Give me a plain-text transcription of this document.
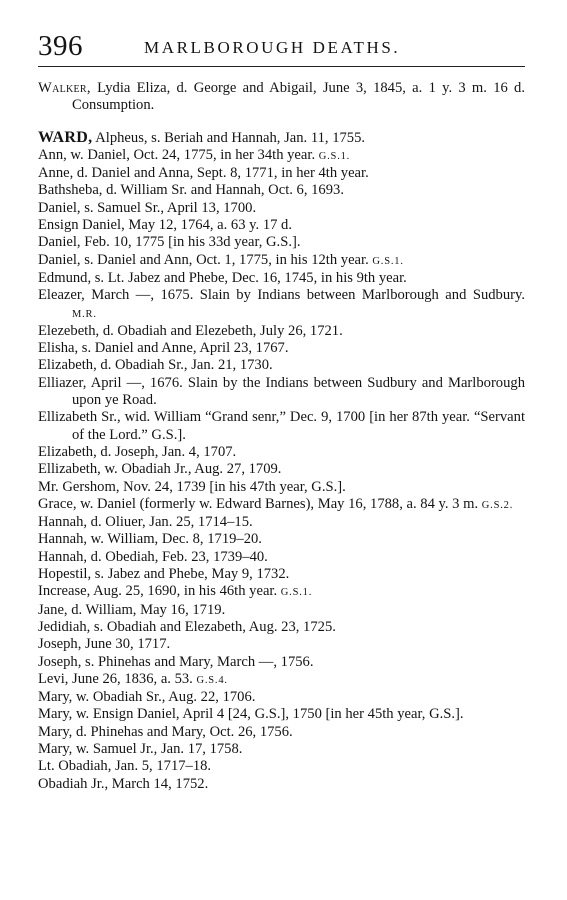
396	MARLBOROUGH DEATHS.
Walker, Lydia Eliza, d. George and Abigail, June 3, 1845, a. 1 y. 3 m. 16 d. Consumption.
WARD, Alpheus, s. Beriah and Hannah, Jan. 11, 1755.
Ann, w. Daniel, Oct. 24, 1775, in her 34th year. G.S.1.
Anne, d. Daniel and Anna, Sept. 8, 1771, in her 4th year.
Bathsheba, d. William Sr. and Hannah, Oct. 6, 1693.
Daniel, s. Samuel Sr., April 13, 1700.
Ensign Daniel, May 12, 1764, a. 63 y. 17 d.
Daniel, Feb. 10, 1775 [in his 33d year, G.S.].
Daniel, s. Daniel and Ann, Oct. 1, 1775, in his 12th year. G.S.1.
Edmund, s. Lt. Jabez and Phebe, Dec. 16, 1745, in his 9th year.
Eleazer, March —, 1675. Slain by Indians between Marlborough and Sudbury. M.R.
Elezebeth, d. Obadiah and Elezebeth, July 26, 1721.
Elisha, s. Daniel and Anne, April 23, 1767.
Elizabeth, d. Obadiah Sr., Jan. 21, 1730.
Elliazer, April —, 1676. Slain by the Indians between Sudbury and Marlborough upon ye Road.
Ellizabeth Sr., wid. William “Grand senr,” Dec. 9, 1700 [in her 87th year. “Servant of the Lord.” G.S.].
Elizabeth, d. Joseph, Jan. 4, 1707.
Ellizabeth, w. Obadiah Jr., Aug. 27, 1709.
Mr. Gershom, Nov. 24, 1739 [in his 47th year, G.S.].
Grace, w. Daniel (formerly w. Edward Barnes), May 16, 1788, a. 84 y. 3 m. G.S.2.
Hannah, d. Oliuer, Jan. 25, 1714–15.
Hannah, w. William, Dec. 8, 1719–20.
Hannah, d. Obediah, Feb. 23, 1739–40.
Hopestil, s. Jabez and Phebe, May 9, 1732.
Increase, Aug. 25, 1690, in his 46th year. G.S.1.
Jane, d. William, May 16, 1719.
Jedidiah, s. Obadiah and Elezabeth, Aug. 23, 1725.
Joseph, June 30, 1717.
Joseph, s. Phinehas and Mary, March —, 1756.
Levi, June 26, 1836, a. 53. G.S.4.
Mary, w. Obadiah Sr., Aug. 22, 1706.
Mary, w. Ensign Daniel, April 4 [24, G.S.], 1750 [in her 45th year, G.S.].
Mary, d. Phinehas and Mary, Oct. 26, 1756.
Mary, w. Samuel Jr., Jan. 17, 1758.
Lt. Obadiah, Jan. 5, 1717–18.
Obadiah Jr., March 14, 1752.
